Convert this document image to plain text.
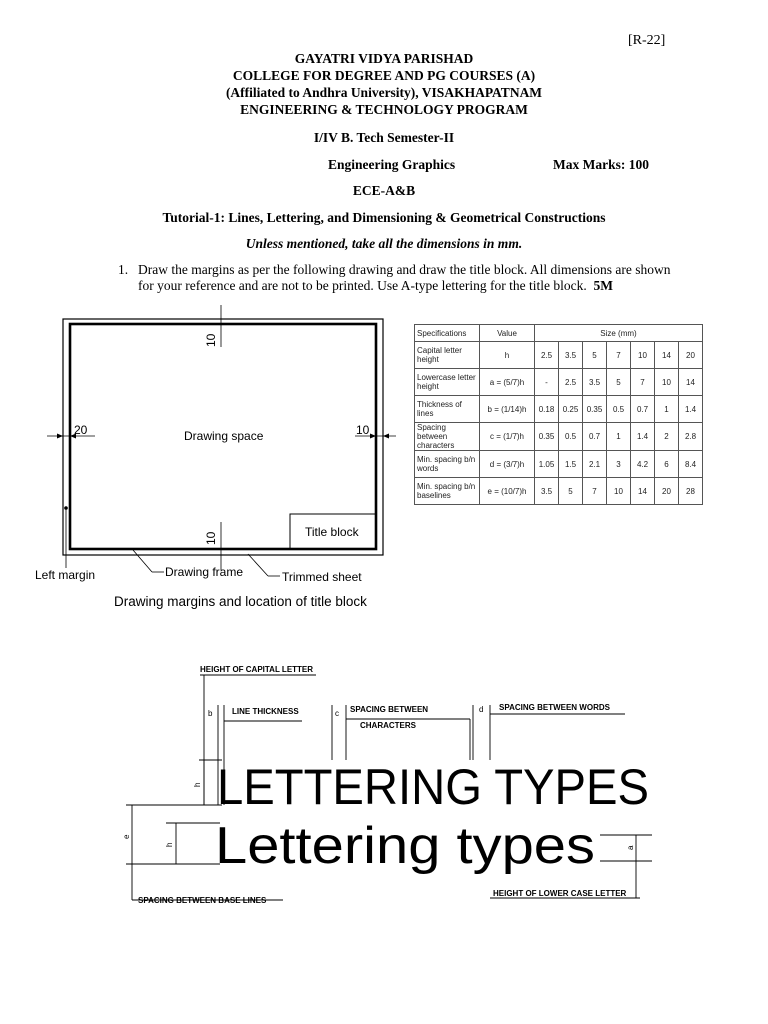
[R-22]
GAYATRI VIDYA PARISHAD
COLLEGE FOR DEGREE AND PG COURSES (A)
(Affiliated to Andhra University), VISAKHAPATNAM
ENGINEERING & TECHNOLOGY PROGRAM
I/IV B. Tech Semester-II
Engineering Graphics	Max Marks: 100
ECE-A&B
Tutorial-1: Lines, Lettering, and Dimensioning & Geometrical Constructions
Unless mentioned, take all the dimensions in mm.
1. Draw the margins as per the following drawing and draw the title block. All dimensions are shown for your reference and are not to be printed. Use A-type lettering for the title block. 5M
10
10
20	10
Drawing space
Title block
Left margin	Drawing frame	Trimmed sheet
Drawing margins and location of title block
Specifications	Value	Size (mm)						
Capital letter height	h	2.5	3.5	5	7	10	14	20
Lowercase letter height	a = (5/7)h	-	2.5	3.5	5	7	10	14
Thickness of lines	b = (1/14)h	0.18	0.25	0.35	0.5	0.7	1	1.4
Spacing between characters	c = (1/7)h	0.35	0.5	0.7	1	1.4	2	2.8
Min. spacing b/n words	d = (3/7)h	1.05	1.5	2.1	3	4.2	6	8.4
Min. spacing b/n baselines	e = (10/7)h	3.5	5	7	10	14	20	28
HEIGHT OF CAPITAL LETTER
b LINE THICKNESS	c SPACING BETWEEN
CHARACTERS
d SPACING BETWEEN WORDS
h
e
h
a
LETTERING TYPES
Lettering types
SPACING BETWEEN BASE LINES
HEIGHT OF LOWER CASE LETTER
